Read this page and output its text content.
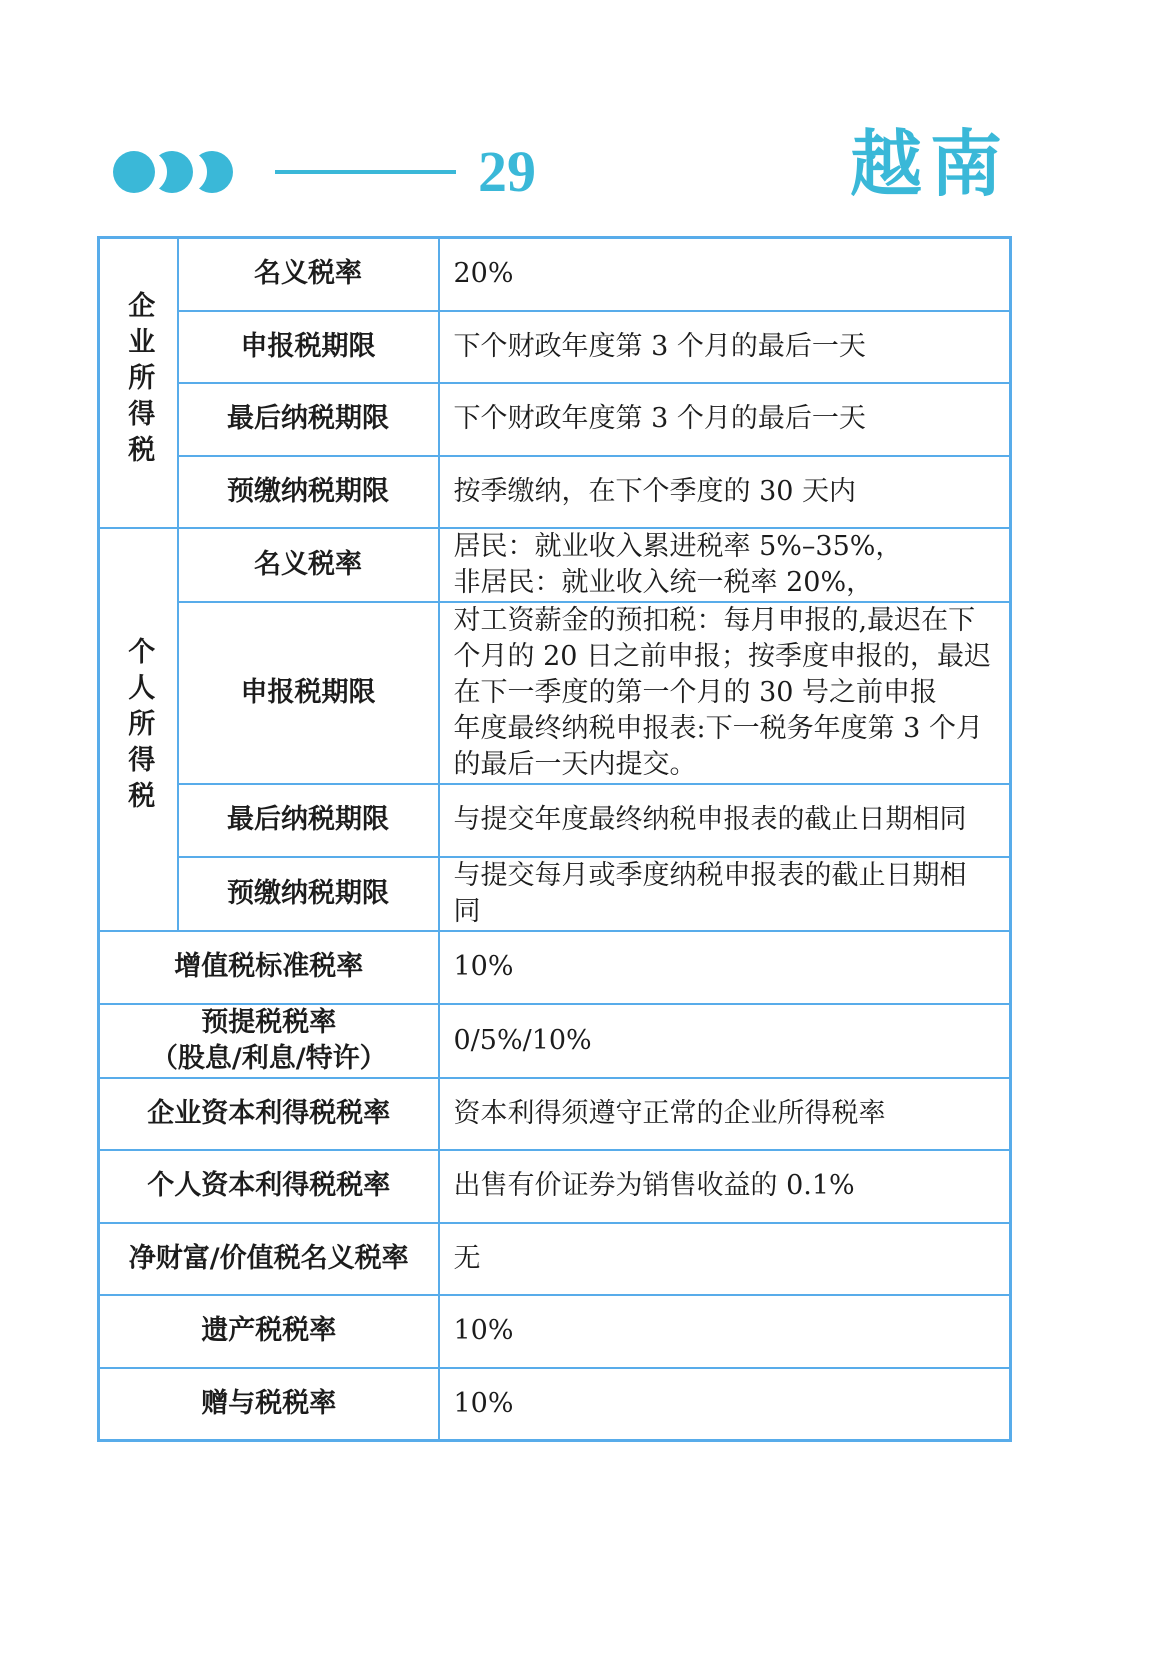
29	越南
企业所得税	名义税率	20%

	申报税期限	下个财政年度第 3 个月的最后一天

	最后纳税期限	下个财政年度第 3 个月的最后一天

	预缴纳税期限	按季缴纳，在下个季度的 30 天内

个人所得税	名义税率	居民：就业收入累进税率 5%–35%，
非居民：就业收入统一税率 20%，

	申报税期限	对工资薪金的预扣税：每月申报的,最迟在下
个月的 20 日之前申报；按季度申报的，最迟
在下一季度的第一个月的 30 号之前申报
年度最终纳税申报表:下一税务年度第 3 个月
的最后一天内提交。

	最后纳税期限	与提交年度最终纳税申报表的截止日期相同

	预缴纳税期限	与提交每月或季度纳税申报表的截止日期相
同

增值税标准税率		10%

预提税税率
（股息/利息/特许）		0/5%/10%

企业资本利得税税率		资本利得须遵守正常的企业所得税率

个人资本利得税税率		出售有价证券为销售收益的 0.1%

净财富/价值税名义税率		无

遗产税税率		10%

赠与税税率		10%
